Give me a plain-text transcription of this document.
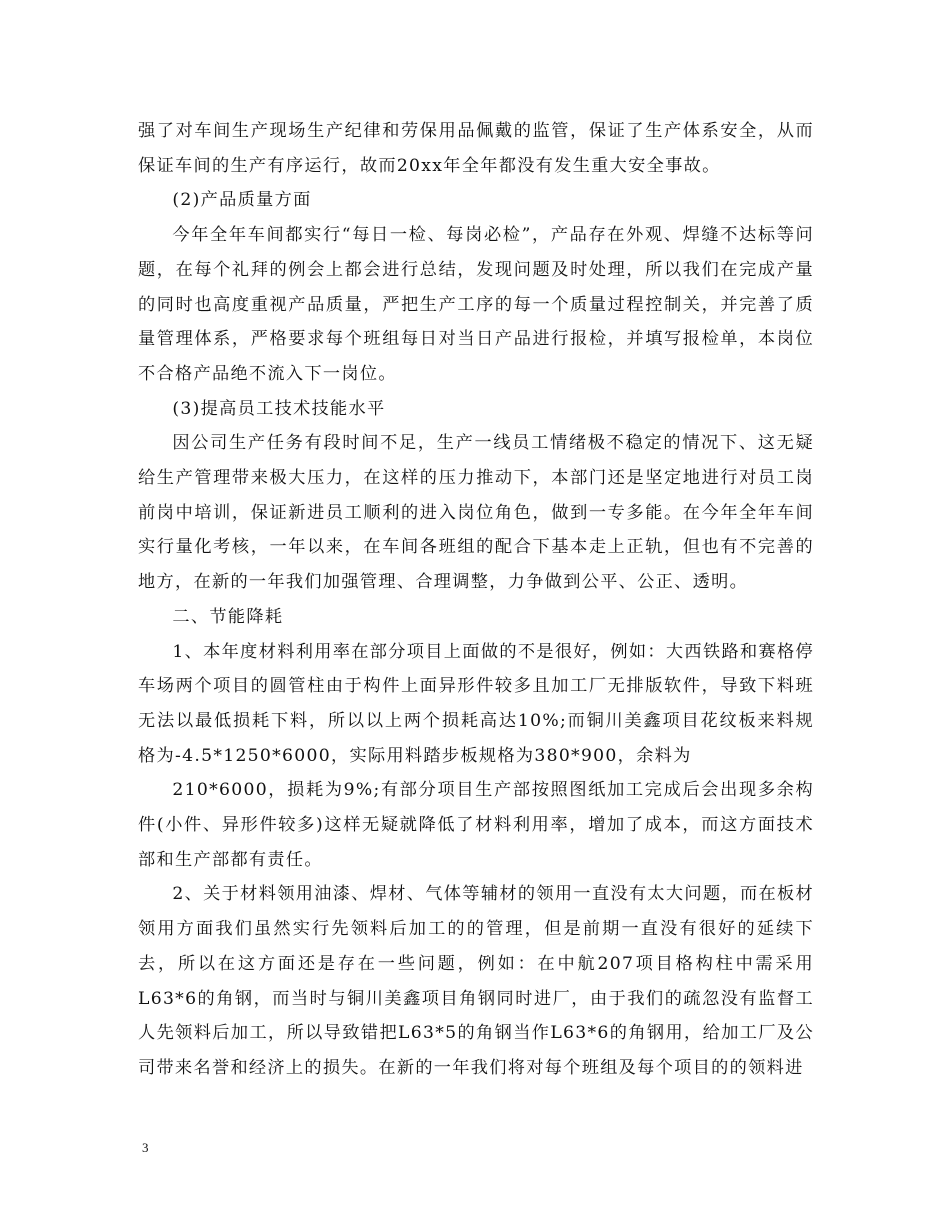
强了对车间生产现场生产纪律和劳保用品佩戴的监管，保证了生产体系安全，从而保证车间的生产有序运行，故而20xx年全年都没有发生重大安全事故。

(2)产品质量方面

今年全年车间都实行“每日一检、每岗必检”，产品存在外观、焊缝不达标等问题，在每个礼拜的例会上都会进行总结，发现问题及时处理，所以我们在完成产量的同时也高度重视产品质量，严把生产工序的每一个质量过程控制关，并完善了质量管理体系，严格要求每个班组每日对当日产品进行报检，并填写报检单，本岗位不合格产品绝不流入下一岗位。

(3)提高员工技术技能水平

因公司生产任务有段时间不足，生产一线员工情绪极不稳定的情况下、这无疑给生产管理带来极大压力，在这样的压力推动下，本部门还是坚定地进行对员工岗前岗中培训，保证新进员工顺利的进入岗位角色，做到一专多能。在今年全年车间实行量化考核，一年以来，在车间各班组的配合下基本走上正轨，但也有不完善的地方，在新的一年我们加强管理、合理调整，力争做到公平、公正、透明。

二、节能降耗

1、本年度材料利用率在部分项目上面做的不是很好，例如：大西铁路和赛格停车场两个项目的圆管柱由于构件上面异形件较多且加工厂无排版软件，导致下料班无法以最低损耗下料，所以以上两个损耗高达10%;而铜川美鑫项目花纹板来料规格为-4.5*1250*6000，实际用料踏步板规格为380*900，余料为

210*6000，损耗为9%;有部分项目生产部按照图纸加工完成后会出现多余构件(小件、异形件较多)这样无疑就降低了材料利用率，增加了成本，而这方面技术部和生产部都有责任。

2、关于材料领用油漆、焊材、气体等辅材的领用一直没有太大问题，而在板材领用方面我们虽然实行先领料后加工的的管理，但是前期一直没有很好的延续下去，所以在这方面还是存在一些问题，例如：在中航207项目格构柱中需采用L63*6的角钢，而当时与铜川美鑫项目角钢同时进厂，由于我们的疏忽没有监督工人先领料后加工，所以导致错把L63*5的角钢当作L63*6的角钢用，给加工厂及公司带来名誉和经济上的损失。在新的一年我们将对每个班组及每个项目的的领料进

3
